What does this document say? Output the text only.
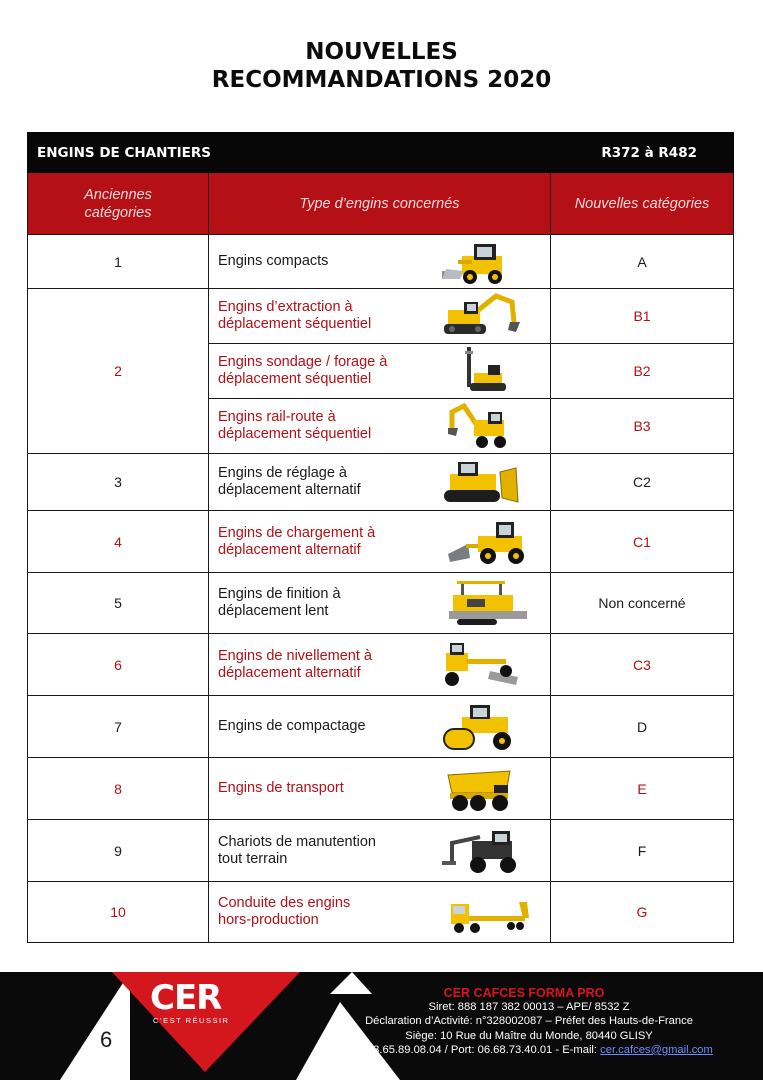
NOUVELLES
RECOMMANDATIONS 2020
ENGINS DE CHANTIERS		R372 à R482
Anciennes catégories	Type d’engins concernés	Nouvelles catégories
1	Engins compacts	A
2	Engins d’extraction à
déplacement séquentiel	B1

	Engins sondage / forage à
déplacement séquentiel	B2

	Engins rail-route à
déplacement séquentiel	B3
3	Engins de réglage à
déplacement alternatif	C2
4	Engins de chargement à
déplacement alternatif	C1
5	Engins de finition à
déplacement lent	Non concerné
6	Engins de nivellement à
déplacement alternatif	C3
7	Engins de compactage	D
8	Engins de transport	E
9	Chariots de manutention
tout terrain	F
10	Conduite des engins
hors-production	G
6
CER
C’EST RÉUSSIR
CER CAFCES FORMA PRO
Siret: 888 187 382 00013 – APE/ 8532 Z
Déclaration d’Activité: n°328002087 – Préfet des Hauts-de-France
Siège: 10 Rue du Maître du Monde, 80440 GLISY
Tél: 03.65.89.08.04 / Port: 06.68.73.40.01 - E-mail: cer.cafces@gmail.com
